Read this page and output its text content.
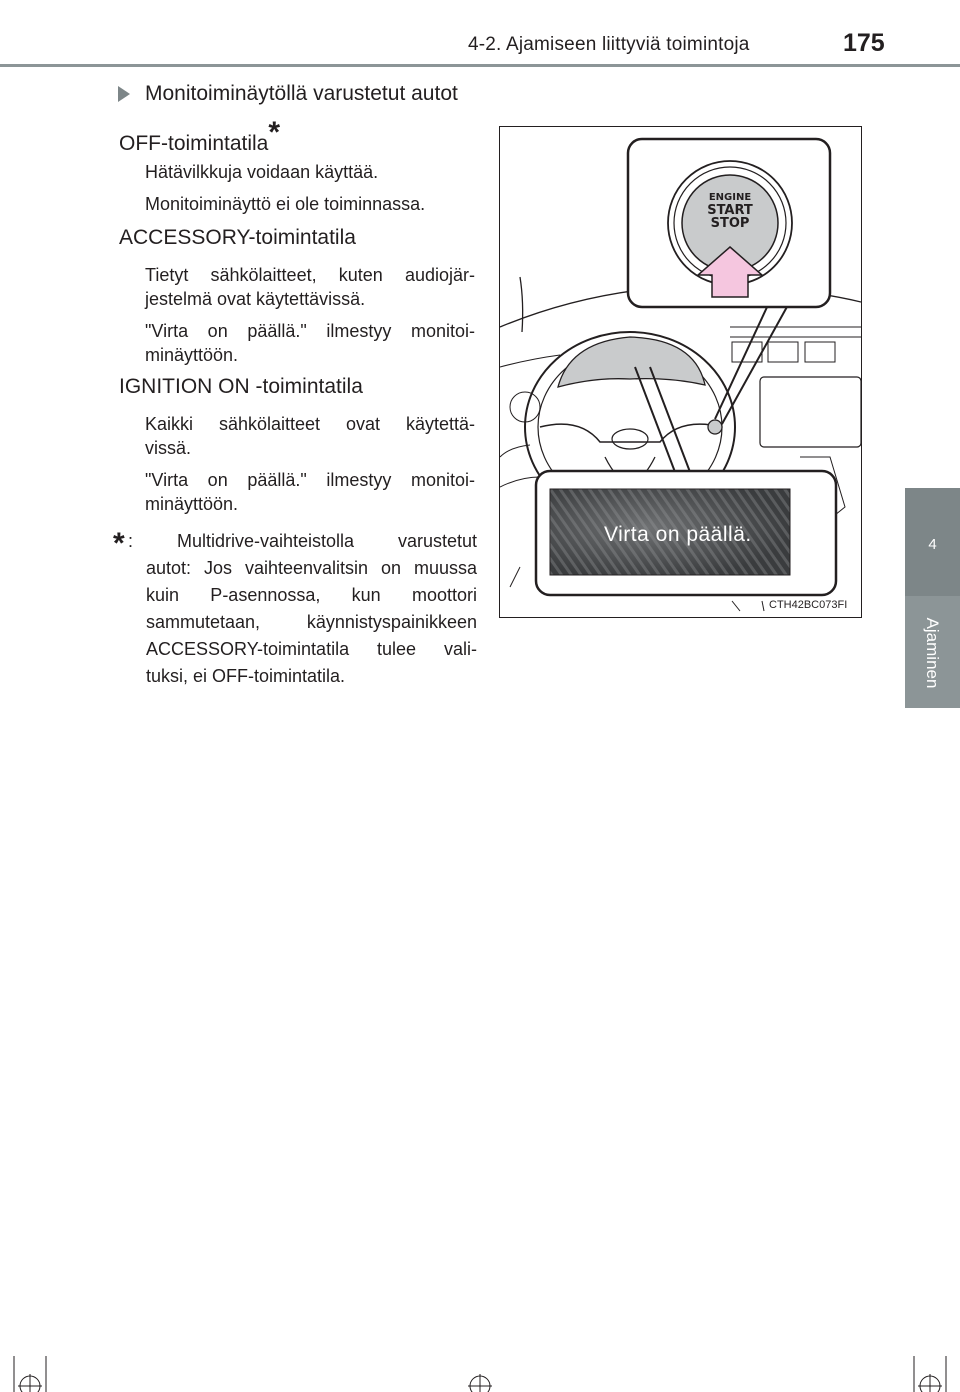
4-2. Ajamiseen liittyviä toimintoja	175
4
Ajaminen
Monitoiminäytöllä varustetut autot
OFF-toimintatila*
Hätävilkkuja voidaan käyttää.
Monitoiminäyttö ei ole toiminnassa.
ACCESSORY-toimintatila
Tietyt sähkölaitteet, kuten audiojär-
jestelmä ovat käytettävissä.
"Virta on päällä." ilmestyy monitoi-
minäyttöön.
IGNITION ON -toimintatila
Kaikki sähkölaitteet ovat käytettä-
vissä.
"Virta on päällä." ilmestyy monitoi-
minäyttöön.
* : Multidrive-vaihteistolla varustetut
autot: Jos vaihteenvalitsin on muussa
kuin P-asennossa, kun moottori
sammutetaan, käynnistyspainikkeen
ACCESSORY-toimintatila tulee vali-
tuksi, ei OFF-toimintatila.
ENGINE
START
STOP
Virta on päällä.
CTH42BC073FI
